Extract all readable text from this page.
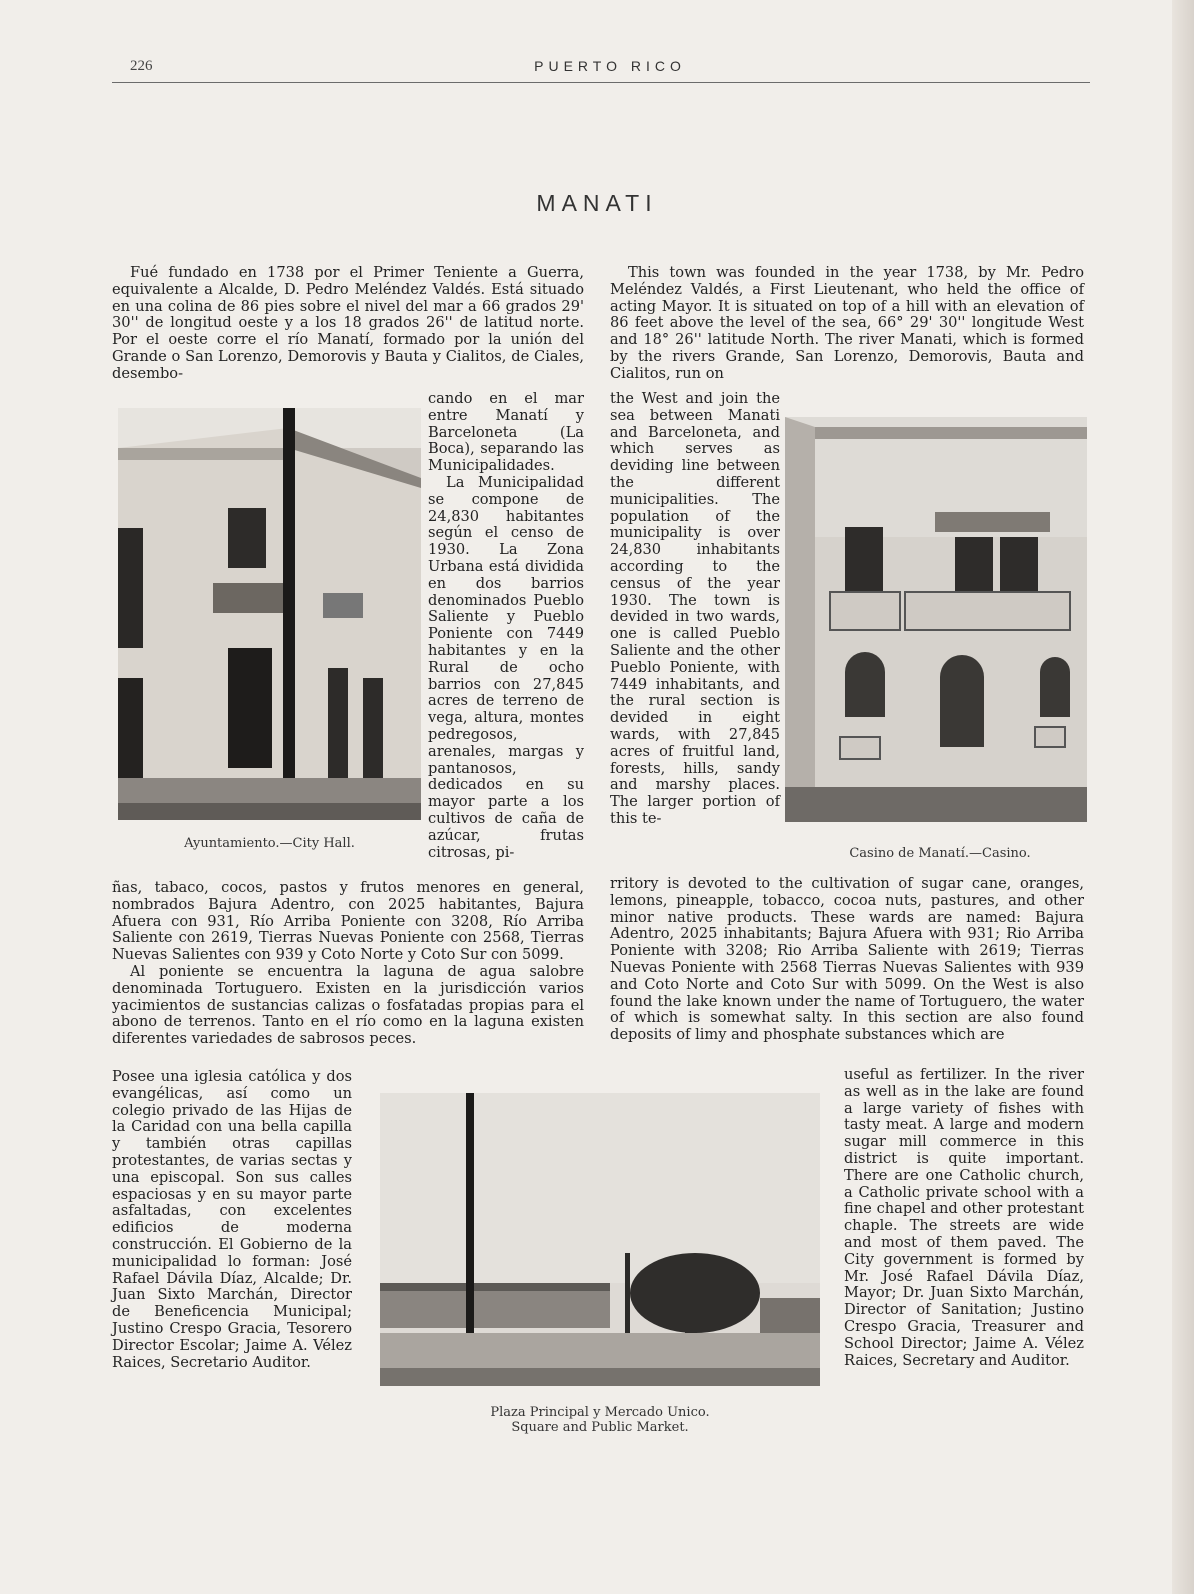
226	PUERTO RICO
MANATI

Fué fundado en 1738 por el Primer Teniente a Guerra, equivalente a Alcalde, D. Pedro Meléndez Valdés. Está situado en una colina de 86 pies sobre el nivel del mar a 66 grados 29' 30'' de longitud oeste y a los 18 grados 26'' de latitud norte. Por el oeste corre el río Manatí, formado por la unión del Grande o San Lorenzo, Demorovis y Bauta y Cialitos, de Ciales, desembo-

Ayuntamiento.—City Hall.

cando en el mar entre Manatí y Barceloneta (La Boca), separando las Municipalidades.

La Municipalidad se compone de 24,830 habitantes según el censo de 1930. La Zona Urbana está dividida en dos barrios denominados Pueblo Saliente y Pueblo Poniente con 7449 habitantes y en la Rural de ocho barrios con 27,845 acres de terreno de vega, altura, montes pedregosos, arenales, margas y pantanosos, dedicados en su mayor parte a los cultivos de caña de azúcar, frutas citrosas, pi-

ñas, tabaco, cocos, pastos y frutos menores en general, nombrados Bajura Adentro, con 2025 habitantes, Bajura Afuera con 931, Río Arriba Poniente con 3208, Río Arriba Saliente con 2619, Tierras Nuevas Poniente con 2568, Tierras Nuevas Salientes con 939 y Coto Norte y Coto Sur con 5099.

Al poniente se encuentra la laguna de agua salobre denominada Tortuguero. Existen en la jurisdicción varios yacimientos de sustancias calizas o fosfatadas propias para el abono de terrenos. Tanto en el río como en la laguna existen diferentes variedades de sabrosos peces.

Posee una iglesia católica y dos evangélicas, así como un colegio privado de las Hijas de la Caridad con una bella capilla y también otras capillas protestantes, de varias sectas y una episcopal. Son sus calles espaciosas y en su mayor parte asfaltadas, con excelentes edificios de moderna construcción. El Gobierno de la municipalidad lo forman: José Rafael Dávila Díaz, Alcalde; Dr. Juan Sixto Marchán, Director de Beneficencia Municipal; Justino Crespo Gracia, Tesorero Director Escolar; Jaime A. Vélez Raices, Secretario Auditor.

This town was founded in the year 1738, by Mr. Pedro Meléndez Valdés, a First Lieutenant, who held the office of acting Mayor. It is situated on top of a hill with an elevation of 86 feet above the level of the sea, 66° 29' 30'' longitude West and 18° 26'' latitude North. The river Manati, which is formed by the rivers Grande, San Lorenzo, Demorovis, Bauta and Cialitos, run on

the West and join the sea between Manati and Barceloneta, and which serves as deviding line between the different municipalities. The population of the municipality is over 24,830 inhabitants according to the census of the year 1930. The town is devided in two wards, one is called Pueblo Saliente and the other Pueblo Poniente, with 7449 inhabitants, and the rural section is devided in eight wards, with 27,845 acres of fruitful land, forests, hills, sandy and marshy places. The larger portion of this te-

Casino de Manatí.—Casino.

rritory is devoted to the cultivation of sugar cane, oranges, lemons, pineapple, tobacco, cocoa nuts, pastures, and other minor native products. These wards are named: Bajura Adentro, 2025 inhabitants; Bajura Afuera with 931; Rio Arriba Poniente with 3208; Rio Arriba Saliente with 2619; Tierras Nuevas Poniente with 2568 Tierras Nuevas Salientes with 939 and Coto Norte and Coto Sur with 5099. On the West is also found the lake known under the name of Tortuguero, the water of which is somewhat salty. In this section are also found deposits of limy and phosphate substances which are

useful as fertilizer. In the river as well as in the lake are found a large variety of fishes with tasty meat. A large and modern sugar mill commerce in this district is quite important. There are one Catholic church, a Catholic private school with a fine chapel and other protestant chaple. The streets are wide and most of them paved. The City government is formed by Mr. José Rafael Dávila Díaz, Mayor; Dr. Juan Sixto Marchán, Director of Sanitation; Justino Crespo Gracia, Treasurer and School Director; Jaime A. Vélez Raices, Secretary and Auditor.

Plaza Principal y Mercado Unico.
Square and Public Market.
